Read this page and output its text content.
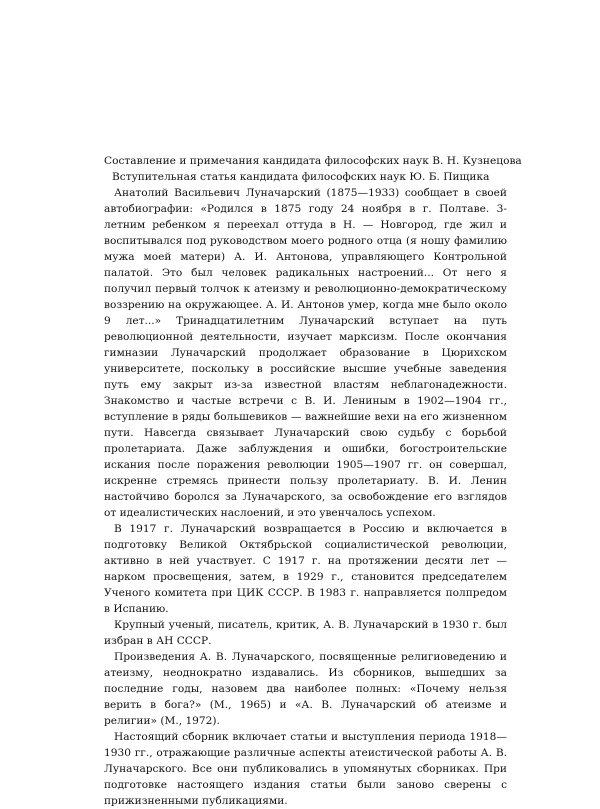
Составление и примечания кандидата философских наук В. Н. Кузнецова

Вступительная статья кандидата философских наук Ю. Б. Пищика

Анатолий Васильевич Луначарский (1875—1933) сообщает в своей автобиографии: «Родился в 1875 году 24 ноября в г. Полтаве. 3-летним ребенком я переехал оттуда в Н. — Новгород, где жил и воспитывался под руководством моего родного отца (я ношу фамилию мужа моей матери) А. И. Антонова, управляющего Контрольной палатой. Это был человек радикальных настроений... От него я получил первый толчок к атеизму и революционно-демократическому воззрению на окружающее. А. И. Антонов умер, когда мне было около 9 лет...» Тринадцатилетним Луначарский вступает на путь революционной деятельности, изучает марксизм. После окончания гимназии Луначарский продолжает образование в Цюрихском университете, поскольку в российские высшие учебные заведения путь ему закрыт из-за известной властям неблагонадежности. Знакомство и частые встречи с В. И. Лениным в 1902—1904 гг., вступление в ряды большевиков — важнейшие вехи на его жизненном пути. Навсегда связывает Луначарский свою судьбу с борьбой пролетариата. Даже заблуждения и ошибки, богостроительские искания после поражения революции 1905—1907 гг. он совершал, искренне стремясь принести пользу пролетариату. В. И. Ленин настойчиво боролся за Луначарского, за освобождение его взглядов от идеалистических наслоений, и это увенчалось успехом.

В 1917 г. Луначарский возвращается в Россию и включается в подготовку Великой Октябрьской социалистической революции, активно в ней участвует. С 1917 г. на протяжении десяти лет — нарком просвещения, затем, в 1929 г., становится председателем Ученого комитета при ЦИК СССР. В 1983 г. направляется полпредом в Испанию.

Крупный ученый, писатель, критик, А. В. Луначарский в 1930 г. был избран в АН СССР.

Произведения А. В. Луначарского, посвященные религиоведению и атеизму, неоднократно издавались. Из сборников, вышедших за последние годы, назовем два наиболее полных: «Почему нельзя верить в бога?» (М., 1965) и «А. В. Луначарский об атеизме и религии» (М., 1972).

Настоящий сборник включает статьи и выступления периода 1918—1930 гг., отражающие различные аспекты атеистической работы А. В. Луначарского. Все они публиковались в упомянутых сборниках. При подготовке настоящего издания статьи были заново сверены с прижизненными публикациями.
